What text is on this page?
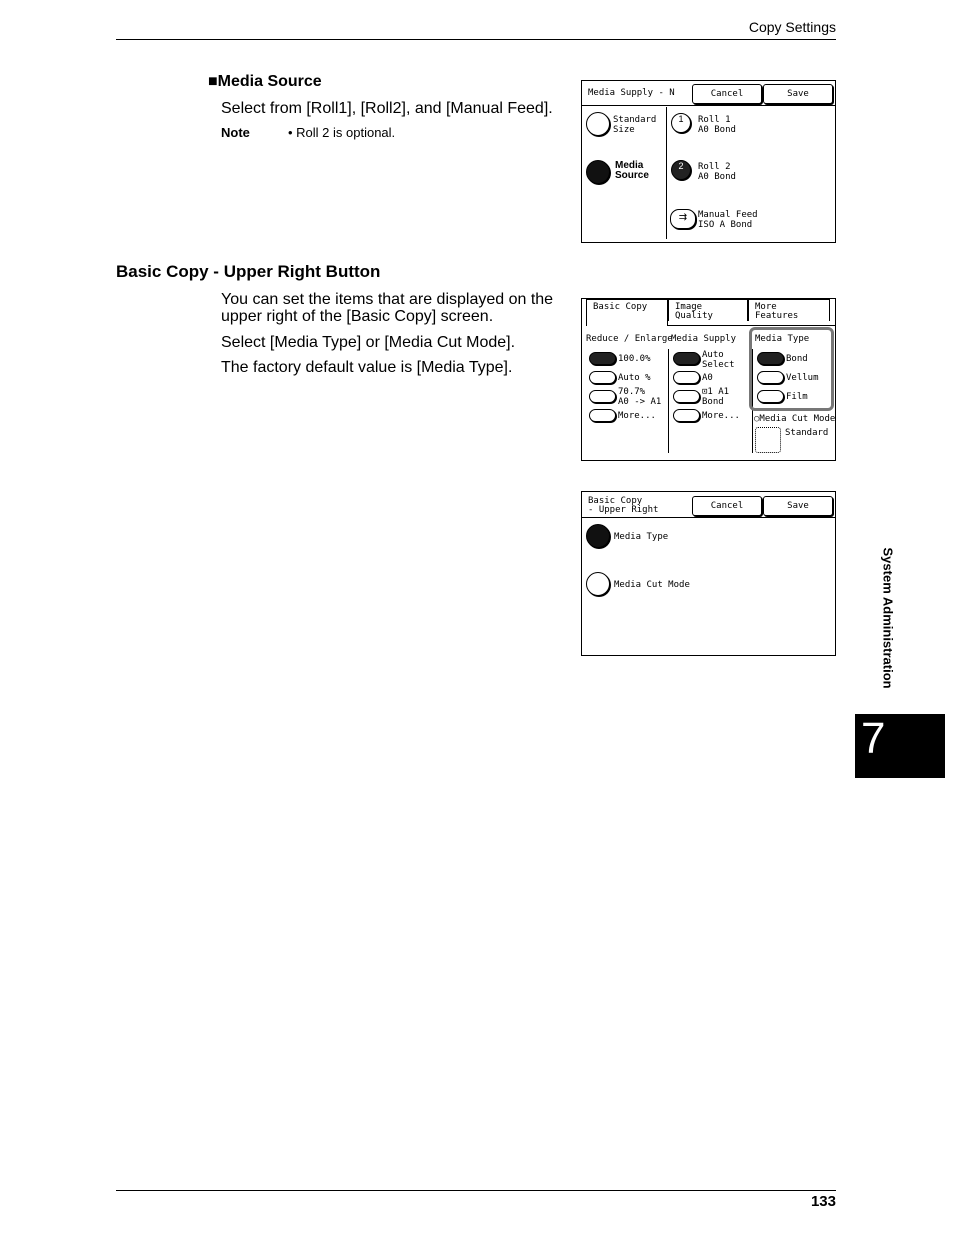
Copy Settings
■Media Source
Select from [Roll1], [Roll2], and [Manual Feed].
Note	• Roll 2 is optional.
Media Supply - N	Cancel	Save
Standard
Size
Media
Source
1	Roll 1
A0 Bond
2	Roll 2
A0 Bond
⇉	Manual Feed
ISO A Bond
Basic Copy - Upper Right Button
You can set the items that are displayed on the
upper right of the [Basic Copy] screen.
Select [Media Type] or [Media Cut Mode].
The factory default value is [Media Type].
Basic Copy	Image Quality
More Features
Reduce / Enlarge
100.0%
Auto %
70.7%
A0 -> A1
More...
Media Supply
Auto
Select
A0
⊡1 A1
Bond
More...
Media Type
Bond
Vellum
Film
○Media Cut Mode
Standard
Basic Copy
- Upper Right	Cancel	Save
Media Type
Media Cut Mode	System Administration
7
133
